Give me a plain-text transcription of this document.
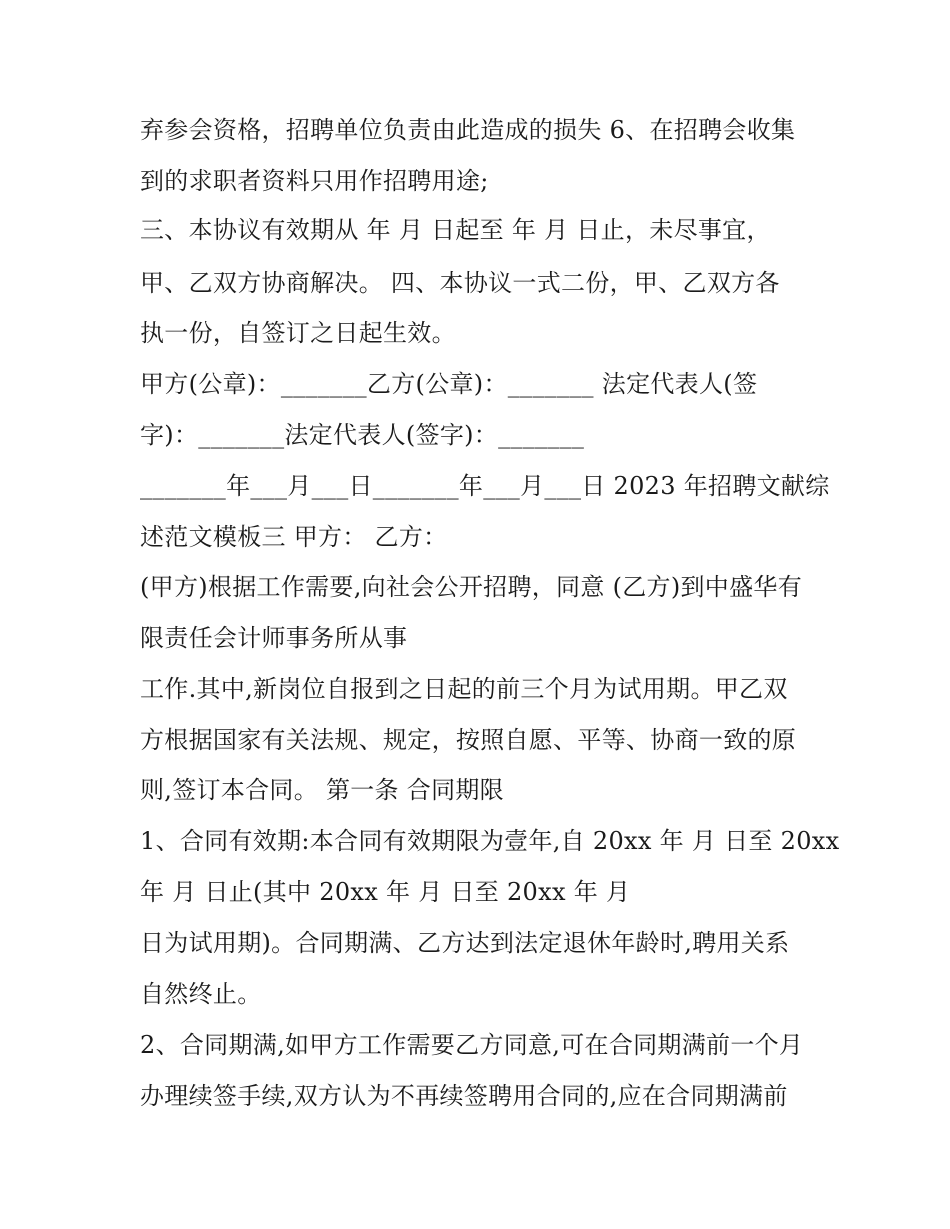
弃参会资格，招聘单位负责由此造成的损失 6、在招聘会收集
到的求职者资料只用作招聘用途;
三、本协议有效期从 年 月 日起至 年 月 日止，未尽事宜，
甲、乙双方协商解决。 四、本协议一式二份，甲、乙双方各
执一份，自签订之日起生效。
甲方(公章)：_______乙方(公章)：_______ 法定代表人(签
字)：_______法定代表人(签字)：_______
_______年___月___日_______年___月___日 2023 年招聘文献综
述范文模板三 甲方： 乙方：
(甲方)根据工作需要,向社会公开招聘，同意 (乙方)到中盛华有
限责任会计师事务所从事
工作.其中,新岗位自报到之日起的前三个月为试用期。甲乙双
方根据国家有关法规、规定，按照自愿、平等、协商一致的原
则,签订本合同。 第一条 合同期限
1、合同有效期:本合同有效期限为壹年,自 20xx 年 月 日至 20xx
年 月 日止(其中 20xx 年 月 日至 20xx 年 月
日为试用期)。合同期满、乙方达到法定退休年龄时,聘用关系
自然终止。
2、合同期满,如甲方工作需要乙方同意,可在合同期满前一个月
办理续签手续,双方认为不再续签聘用合同的,应在合同期满前
